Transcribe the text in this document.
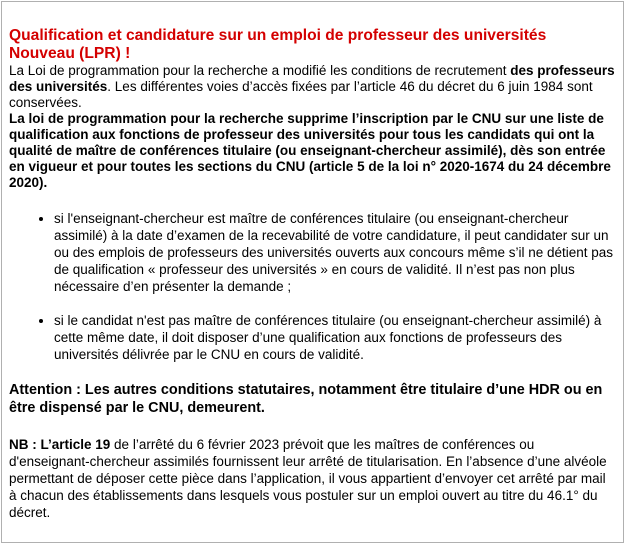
Qualification et candidature sur un emploi de professeur des universités Nouveau (LPR) !

La Loi de programmation pour la recherche a modifié les conditions de recrutement des professeurs des universités. Les différentes voies d’accès fixées par l’article 46 du décret du 6 juin 1984 sont conservées.

La loi de programmation pour la recherche supprime l’inscription par le CNU sur une liste de qualification aux fonctions de professeur des universités pour tous les candidats qui ont la qualité de maître de conférences titulaire (ou enseignant-chercheur assimilé), dès son entrée en vigueur et pour toutes les sections du CNU (article 5 de la loi n° 2020-1674 du 24 décembre 2020).

• si l'enseignant-chercheur est maître de conférences titulaire (ou enseignant-chercheur assimilé) à la date d’examen de la recevabilité de votre candidature, il peut candidater sur un ou des emplois de professeurs des universités ouverts aux concours même s’il ne détient pas de qualification « professeur des universités » en cours de validité. Il n’est pas non plus nécessaire d’en présenter la demande ;
• si le candidat n'est pas maître de conférences titulaire (ou enseignant-chercheur assimilé) à cette même date, il doit disposer d’une qualification aux fonctions de professeurs des universités délivrée par le CNU en cours de validité.

Attention : Les autres conditions statutaires, notamment être titulaire d’une HDR ou en être dispensé par le CNU, demeurent.

NB : L’article 19 de l’arrêté du 6 février 2023 prévoit que les maîtres de conférences ou d'enseignant-chercheur assimilés fournissent leur arrêté de titularisation. En l’absence d’une alvéole permettant de déposer cette pièce dans l’application, il vous appartient d’envoyer cet arrêté par mail à chacun des établissements dans lesquels vous postuler sur un emploi ouvert au titre du 46.1° du décret.
